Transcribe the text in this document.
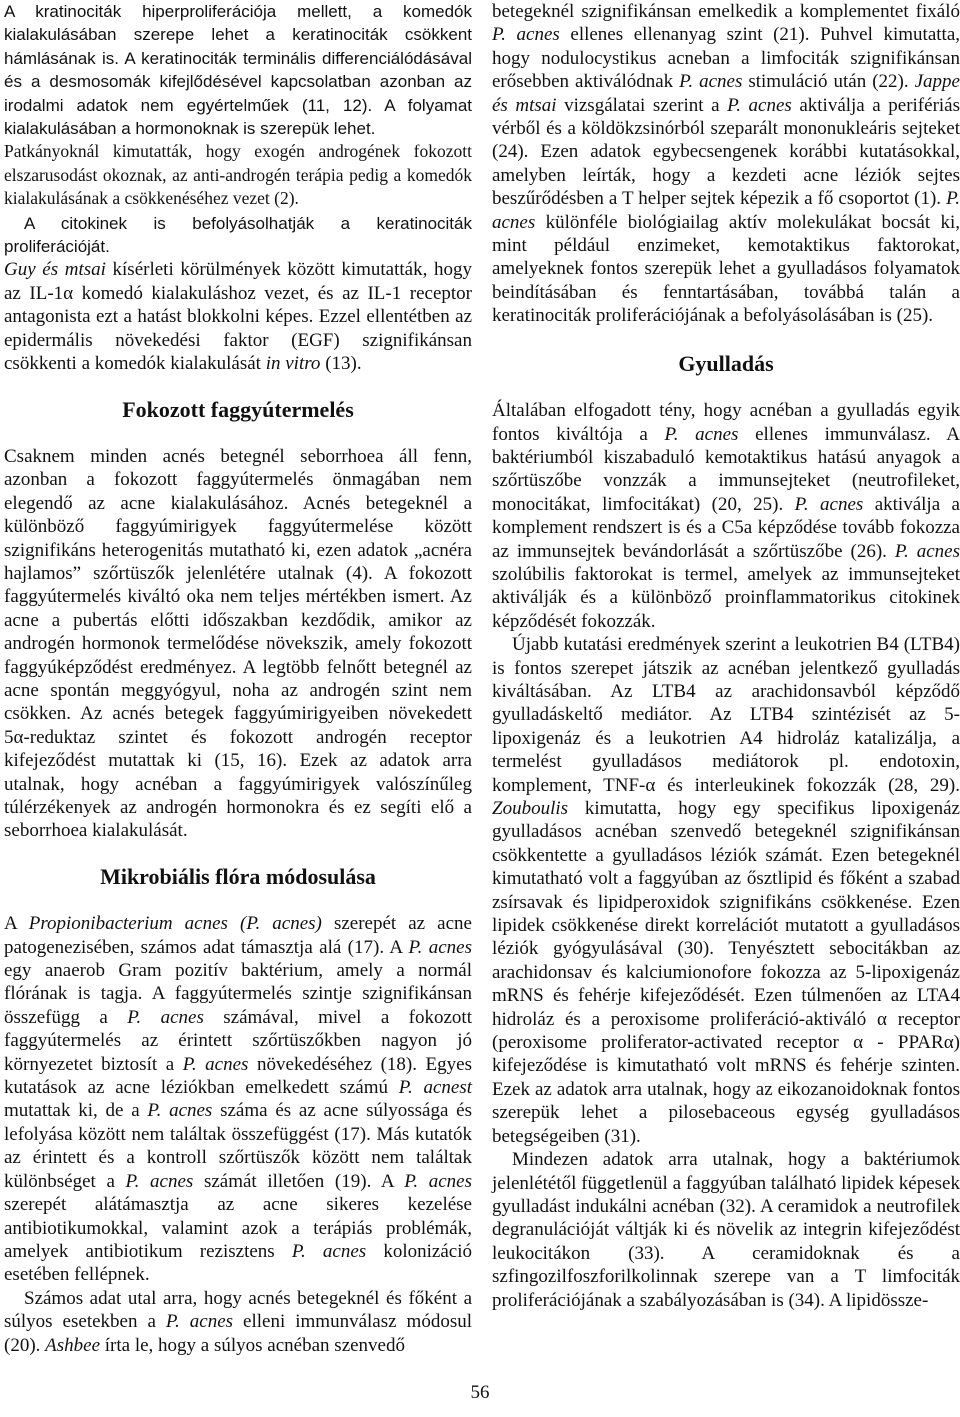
A kratinociták hiperproliferációja mellett, a komedók kialakulásában szerepe lehet a keratinociták csökkent hámlásának is. A keratinociták terminális differenciálódásával és a desmosomák kifejlődésével kapcsolatban azonban az irodalmi adatok nem egyértelműek (11, 12). A folyamat kialakulásában a hormonoknak is szerepük lehet.

Patkányoknál kimutatták, hogy exogén androgének fokozott elszarusodást okoznak, az anti-androgén terápia pedig a komedók kialakulásának a csökkenéséhez vezet (2).

A citokinek is befolyásolhatják a keratinociták proliferációját.

Guy és mtsai kísérleti körülmények között kimutatták, hogy az IL-1α komedó kialakuláshoz vezet, és az IL-1 receptor antagonista ezt a hatást blokkolni képes. Ezzel ellentétben az epidermális növekedési faktor (EGF) szignifikánsan csökkenti a komedók kialakulását in vitro (13).

Fokozott faggyútermelés

Csaknem minden acnés betegnél seborrhoea áll fenn, azonban a fokozott faggyútermelés önmagában nem elegendő az acne kialakulásához. Acnés betegeknél a különböző faggyúmirigyek faggyútermelése között szignifikáns heterogenitás mutatható ki, ezen adatok „acnéra hajlamos” szőrtüszők jelenlétére utalnak (4). A fokozott faggyútermelés kiváltó oka nem teljes mértékben ismert. Az acne a pubertás előtti időszakban kezdődik, amikor az androgén hormonok termelődése növekszik, amely fokozott faggyúképződést eredményez. A legtöbb felnőtt betegnél az acne spontán meggyógyul, noha az androgén szint nem csökken. Az acnés betegek faggyúmirigyeiben növekedett 5α-reduktaz szintet és fokozott androgén receptor kifejeződést mutattak ki (15, 16). Ezek az adatok arra utalnak, hogy acnéban a faggyúmirigyek valószínűleg túlérzékenyek az androgén hormonokra és ez segíti elő a seborrhoea kialakulását.

Mikrobiális flóra módosulása

A Propionibacterium acnes (P. acnes) szerepét az acne patogenezisében, számos adat támasztja alá (17). A P. acnes egy anaerob Gram pozitív baktérium, amely a normál flórának is tagja. A faggyútermelés szintje szignifikánsan összefügg a P. acnes számával, mivel a fokozott faggyútermelés az érintett szőrtüszőkben nagyon jó környezetet biztosít a P. acnes növekedéséhez (18). Egyes kutatások az acne léziókban emelkedett számú P. acnest mutattak ki, de a P. acnes száma és az acne súlyossága és lefolyása között nem találtak összefüggést (17). Más kutatók az érintett és a kontroll szőrtüszők között nem találtak különbséget a P. acnes számát illetően (19). A P. acnes szerepét alátámasztja az acne sikeres kezelése antibiotikumokkal, valamint azok a terápiás problémák, amelyek antibiotikum rezisztens P. acnes kolonizáció esetében fellépnek.

Számos adat utal arra, hogy acnés betegeknél és főként a súlyos esetekben a P. acnes elleni immunválasz módosul (20). Ashbee írta le, hogy a súlyos acnéban szenvedő

betegeknél szignifikánsan emelkedik a komplementet fixáló P. acnes ellenes ellenanyag szint (21). Puhvel kimutatta, hogy nodulocystikus acneban a limfociták szignifikánsan erősebben aktiválódnak P. acnes stimuláció után (22). Jappe és mtsai vizsgálatai szerint a P. acnes aktiválja a perifériás vérből és a köldökzsinórból szeparált mononukleáris sejteket (24). Ezen adatok egybecsengenek korábbi kutatásokkal, amelyben leírták, hogy a kezdeti acne léziók sejtes beszűrődésben a T helper sejtek képezik a fő csoportot (1). P. acnes különféle biológiailag aktív molekulákat bocsát ki, mint például enzimeket, kemotaktikus faktorokat, amelyeknek fontos szerepük lehet a gyulladásos folyamatok beindításában és fenntartásában, továbbá talán a keratinociták proliferációjának a befolyásolásában is (25).

Gyulladás

Általában elfogadott tény, hogy acnéban a gyulladás egyik fontos kiváltója a P. acnes ellenes immunválasz. A baktériumból kiszabaduló kemotaktikus hatású anyagok a szőrtüszőbe vonzzák a immunsejteket (neutrofileket, monocitákat, limfocitákat) (20, 25). P. acnes aktiválja a komplement rendszert is és a C5a képződése tovább fokozza az immunsejtek bevándorlását a szőrtüszőbe (26). P. acnes szolúbilis faktorokat is termel, amelyek az immunsejteket aktiválják és a különböző proinflammatorikus citokinek képződését fokozzák.

Újabb kutatási eredmények szerint a leukotrien B4 (LTB4) is fontos szerepet játszik az acnéban jelentkező gyulladás kiváltásában. Az LTB4 az arachidonsavból képződő gyulladáskeltő mediátor. Az LTB4 szintézisét az 5-lipoxigenáz és a leukotrien A4 hidroláz katalizálja, a termelést gyulladásos mediátorok pl. endotoxin, komplement, TNF-α és interleukinek fokozzák (28, 29). Zouboulis kimutatta, hogy egy specifikus lipoxigenáz gyulladásos acnéban szenvedő betegeknél szignifikánsan csökkentette a gyulladásos léziók számát. Ezen betegeknél kimutatható volt a faggyúban az ősztlipid és főként a szabad zsírsavak és lipidperoxidok szignifikáns csökkenése. Ezen lipidek csökkenése direkt korrelációt mutatott a gyulladásos léziók gyógyulásával (30). Tenyésztett sebocitákban az arachidonsav és kalciumionofore fokozza az 5-lipoxigenáz mRNS és fehérje kifejeződését. Ezen túlmenően az LTA4 hidroláz és a peroxisome proliferáció-aktiváló α receptor (peroxisome proliferator-activated receptor α - PPARα) kifejeződése is kimutatható volt mRNS és fehérje szinten. Ezek az adatok arra utalnak, hogy az eikozanoidoknak fontos szerepük lehet a pilosebaceous egység gyulladásos betegségeiben (31).

Mindezen adatok arra utalnak, hogy a baktériumok jelenlététől függetlenül a faggyúban található lipidek képesek gyulladást indukálni acnéban (32). A ceramidok a neutrofilek degranulációját váltják ki és növelik az integrin kifejeződést leukocitákon (33). A ceramidoknak és a szfingozilfoszforilkolinnak szerepe van a T limfociták proliferációjának a szabályozásában is (34). A lipidössze-

56
